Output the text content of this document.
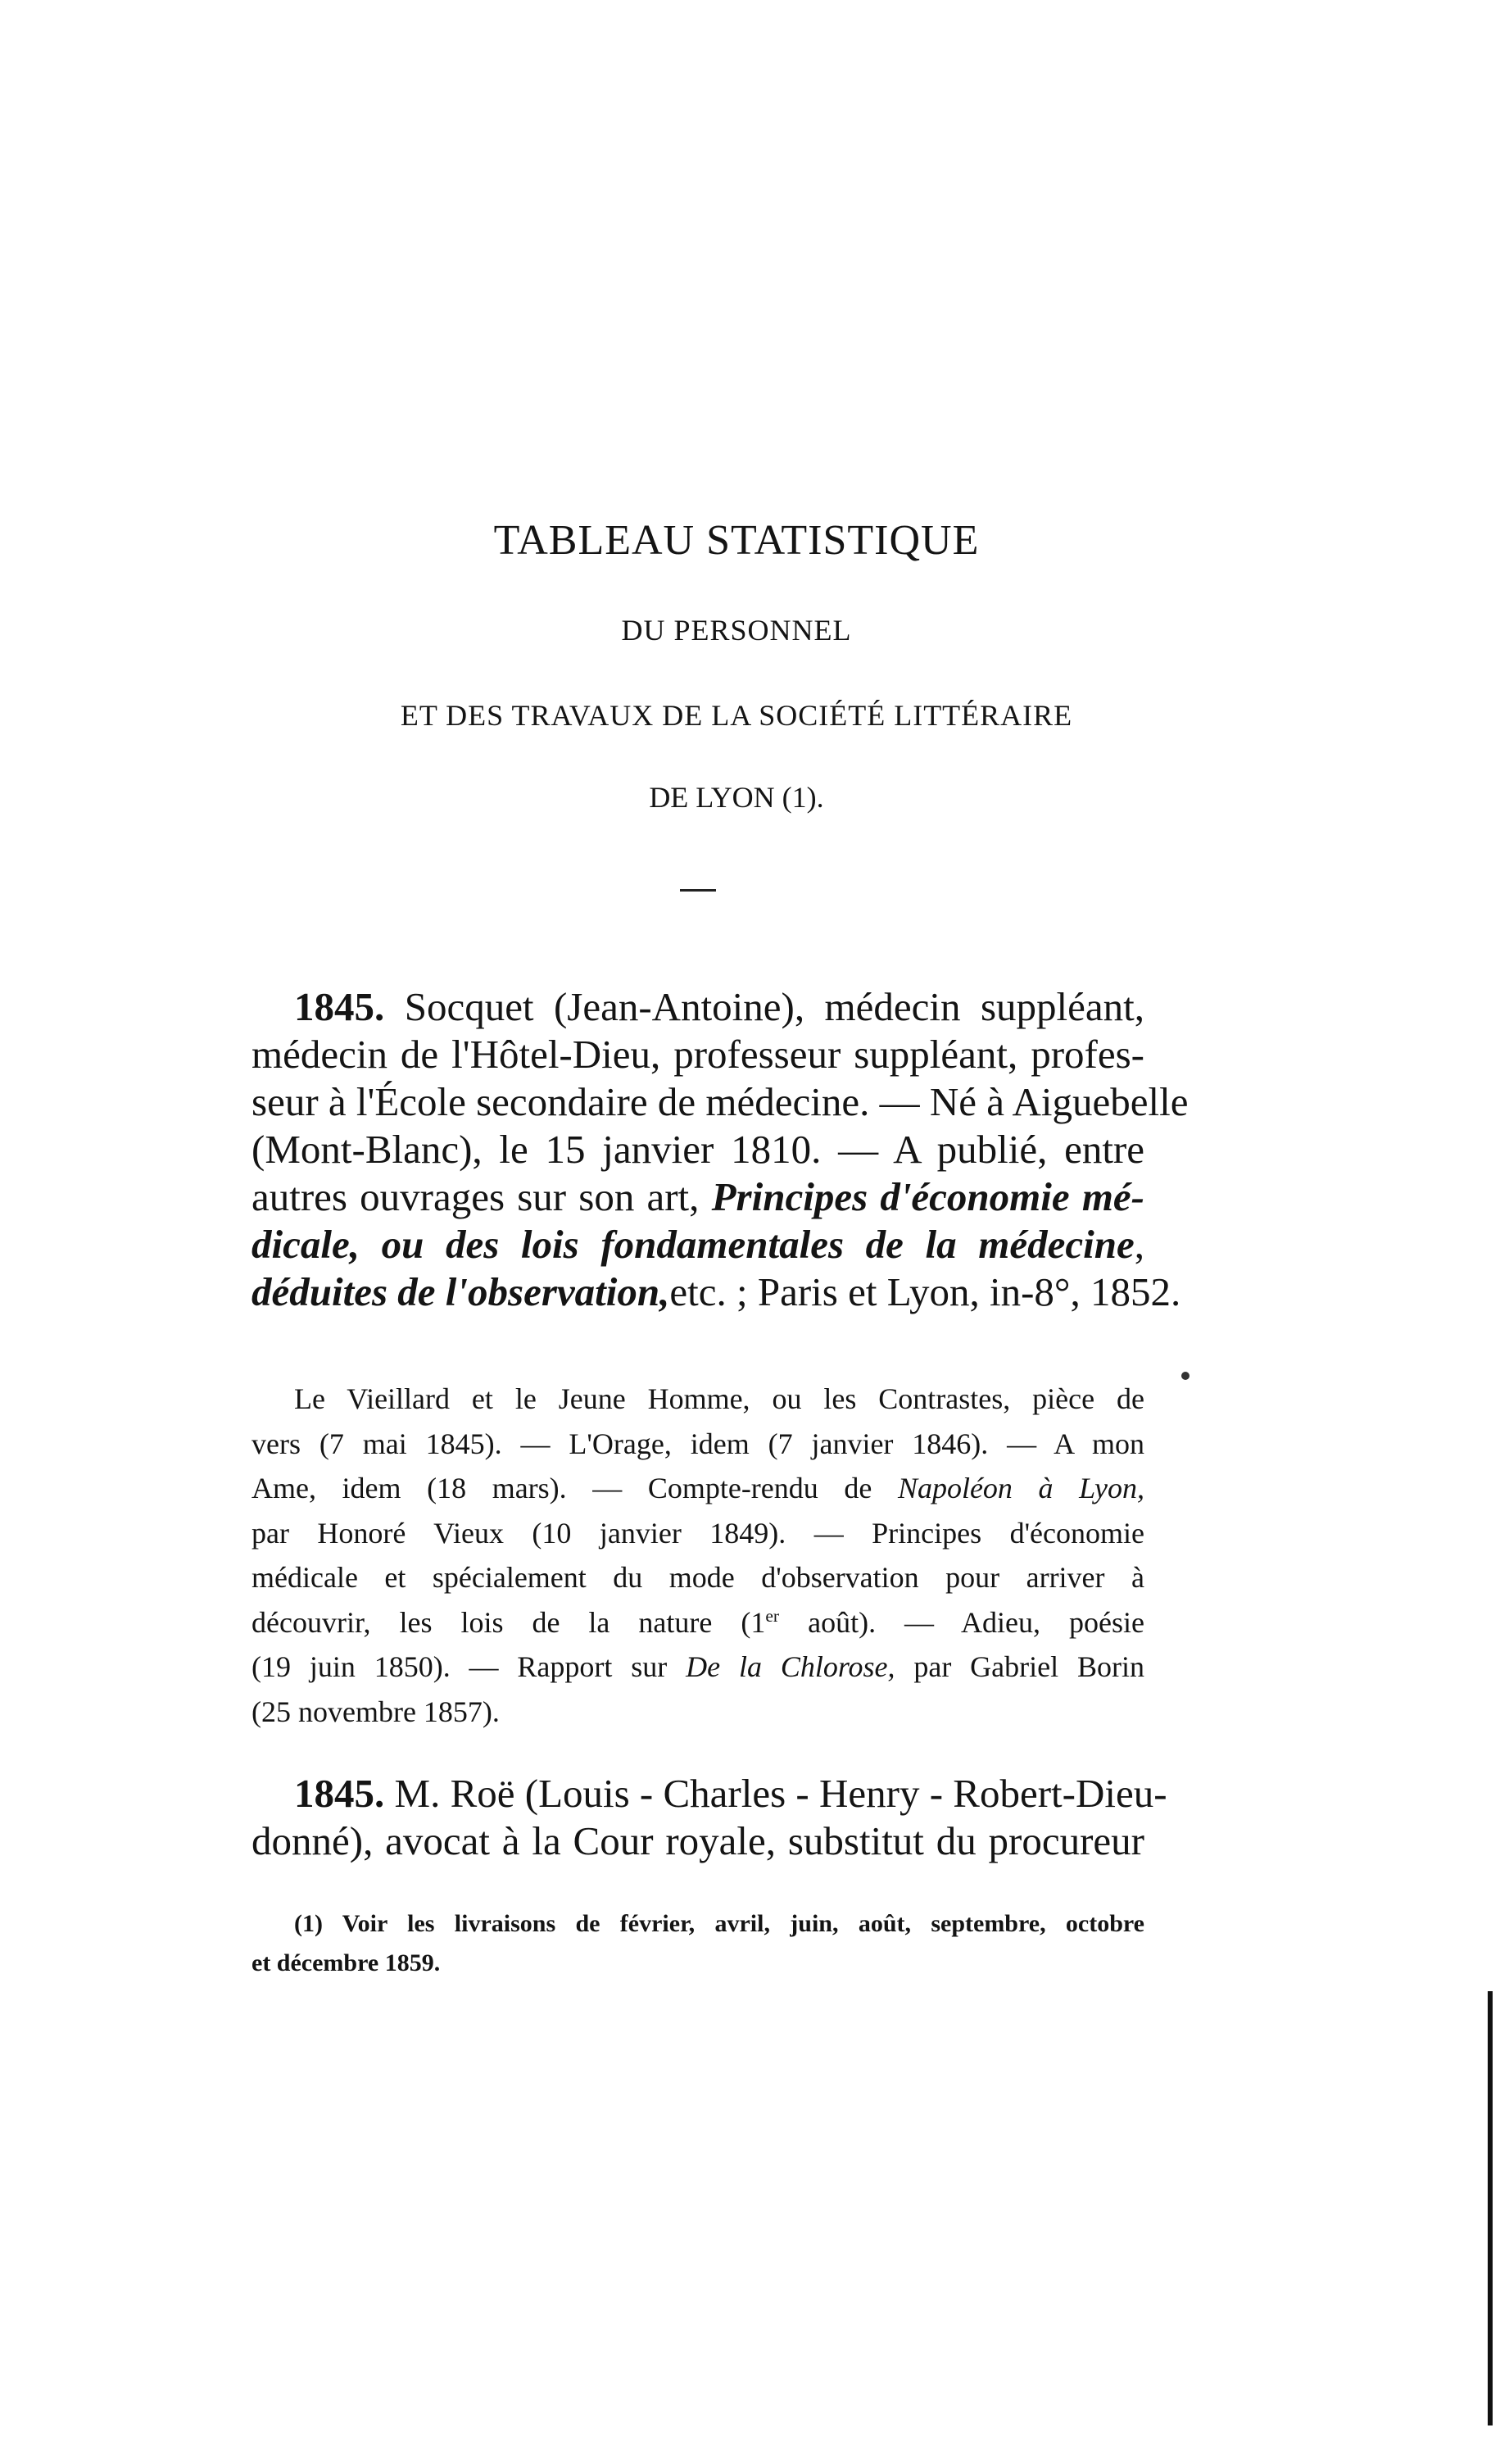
TABLEAU STATISTIQUE
DU PERSONNEL
ET DES TRAVAUX DE LA SOCIÉTÉ LITTÉRAIRE
DE LYON (1).
1845. Socquet (Jean-Antoine), médecin suppléant,
médecin de l'Hôtel-Dieu, professeur suppléant, profes-
seur à l'École secondaire de médecine. — Né à Aiguebelle
(Mont-Blanc), le 15 janvier 1810. — A publié, entre
autres ouvrages sur son art, Principes d'économie mé-
dicale, ou des lois fondamentales de la médecine,
déduites de l'observation,etc. ; Paris et Lyon, in-8°, 1852.
Le Vieillard et le Jeune Homme, ou les Contrastes, pièce de
vers (7 mai 1845). — L'Orage, idem (7 janvier 1846). — A mon
Ame, idem (18 mars). — Compte-rendu de Napoléon à Lyon,
par Honoré Vieux (10 janvier 1849). — Principes d'économie
médicale et spécialement du mode d'observation pour arriver à
découvrir, les lois de la nature (1er août). — Adieu, poésie
(19 juin 1850). — Rapport sur De la Chlorose, par Gabriel Borin
(25 novembre 1857).
1845. M. Roë (Louis - Charles - Henry - Robert-Dieu-
donné), avocat à la Cour royale, substitut du procureur
(1) Voir les livraisons de février, avril, juin, août, septembre, octobre
et décembre 1859.
